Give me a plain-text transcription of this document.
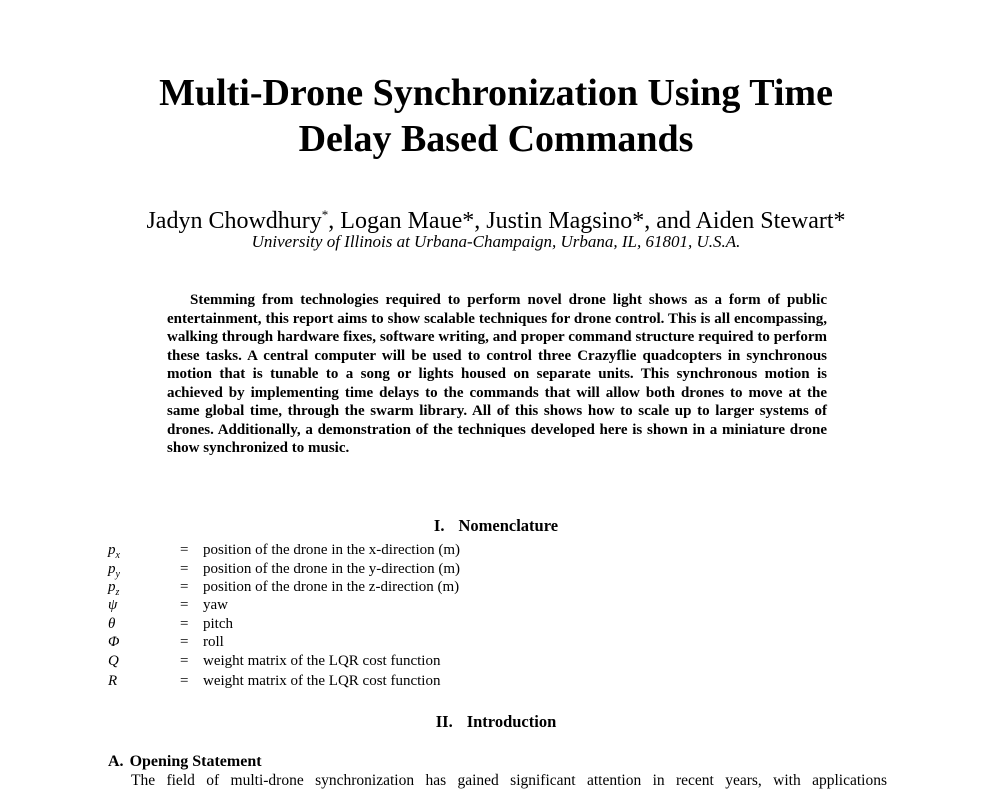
Multi-Drone Synchronization Using Time
Delay Based Commands
Jadyn Chowdhury*, Logan Maue*, Justin Magsino*, and Aiden Stewart*
University of Illinois at Urbana-Champaign, Urbana, IL, 61801, U.S.A.

Stemming from technologies required to perform novel drone light shows as a form of public entertainment, this report aims to show scalable techniques for drone control. This is all encompassing, walking through hardware fixes, software writing, and proper command structure required to perform these tasks. A central computer will be used to control three Crazyflie quadcopters in synchronous motion that is tunable to a song or lights housed on separate units. This synchronous motion is achieved by implementing time delays to the commands that will allow both drones to move at the same global time, through the swarm library. All of this shows how to scale up to larger systems of drones. Additionally, a demonstration of the techniques developed here is shown in a miniature drone show synchronized to music.

I. Nomenclature
$p_x$	= position of the drone in the x-direction (m)
$p_y$	= position of the drone in the y-direction (m)
$p_z$	= position of the drone in the z-direction (m)
ψ	= yaw
θ	= pitch
Φ	= roll
Q	= weight matrix of the LQR cost function
R	= weight matrix of the LQR cost function
II. Introduction
A. Opening Statement
The field of multi-drone synchronization has gained significant attention in recent years, with applications
